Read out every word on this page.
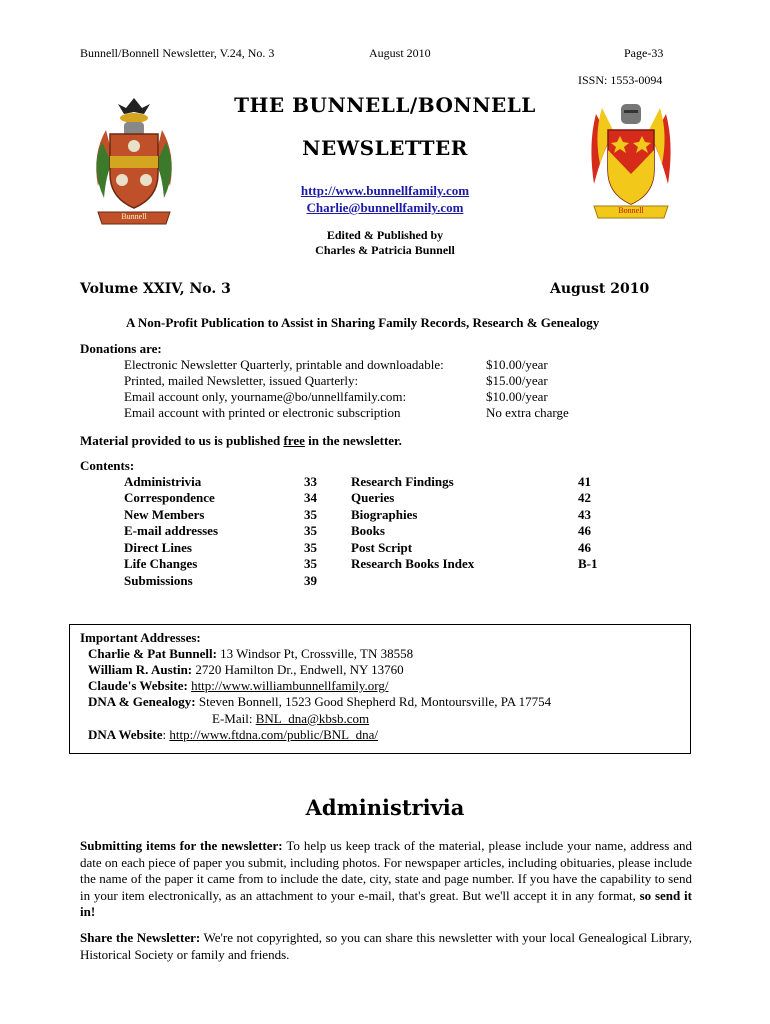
Bunnell/Bonnell Newsletter, V.24, No. 3	August 2010	Page-33
ISSN: 1553-0094
Bunnell
Bonnell
THE BUNNELL/BONNELL
NEWSLETTER
http://www.bunnellfamily.com
Charlie@bunnellfamily.com
Edited & Published by
Charles & Patricia Bunnell
Volume XXIV, No. 3	August 2010
A Non-Profit Publication to Assist in Sharing Family Records, Research & Genealogy
Donations are:
Electronic Newsletter Quarterly, printable and downloadable:	$10.00/year
Printed, mailed Newsletter, issued Quarterly:	$15.00/year
Email account only, yourname@bo/unnellfamily.com:	$10.00/year
Email account with printed or electronic subscription	No extra charge
Material provided to us is published free in the newsletter.
Contents:
Administrivia	33
Correspondence	34
New Members	35
E-mail addresses	35
Direct Lines	35
Life Changes	35
Submissions	39
Research Findings	41
Queries	42
Biographies	43
Books	46
Post Script	46
Research Books Index	B-1
Important Addresses:
Charlie & Pat Bunnell: 13 Windsor Pt, Crossville, TN 38558
William R. Austin: 2720 Hamilton Dr., Endwell, NY 13760
Claude's Website: http://www.williambunnellfamily.org/
DNA & Genealogy: Steven Bonnell, 1523 Good Shepherd Rd, Montoursville, PA 17754
E-Mail: BNL_dna@kbsb.com
DNA Website: http://www.ftdna.com/public/BNL_dna/
Administrivia

Submitting items for the newsletter: To help us keep track of the material, please include your name, address and date on each piece of paper you submit, including photos. For newspaper articles, including obituaries, please include the name of the paper it came from to include the date, city, state and page number. If you have the capability to send in your item electronically, as an attachment to your e-mail, that's great. But we'll accept it in any format, so send it in!

Share the Newsletter: We're not copyrighted, so you can share this newsletter with your local Genealogical Library, Historical Society or family and friends.
